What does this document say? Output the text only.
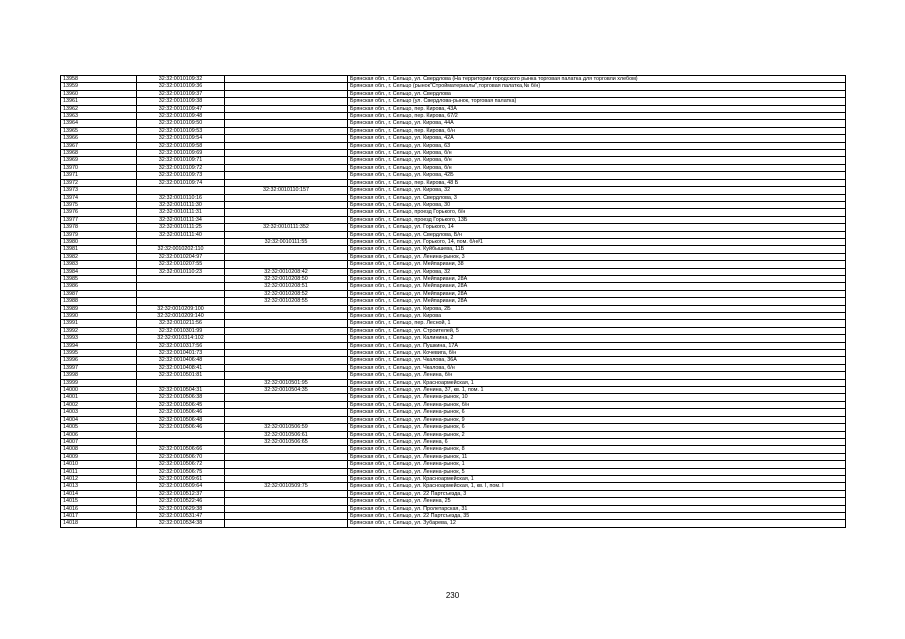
13958	32:32:0010109:32		Брянская обл., г. Сельцо, ул. Свердлова (На территории городского рынка торговая палатка для торговли хлебом)
13959	32:32:0010109:36		Брянская обл., г. Сельцо (рынок"Стройматериалы",торговая палатка,№ б/н)
13960	32:32:0010109:37		Брянская обл., г. Сельцо, ул. Свердлова
13961	32:32:0010109:38		Брянская обл., г. Сельцо (ул. Свердлова-рынок, торговая палатка)
13962	32:32:0010109:47		Брянская обл., г. Сельцо, пер. Кирова, 43А
13963	32:32:0010109:48		Брянская обл., г. Сельцо, пер. Кирова, 67/2
13964	32:32:0010109:50		Брянская обл., г. Сельцо, ул. Кирова, 44А
13965	32:32:0010109:53		Брянская обл., г. Сельцо, пер. Кирова, б/н
13966	32:32:0010109:54		Брянская обл., г. Сельцо, ул. Кирова, 42А
13967	32:32:0010109:58		Брянская обл., г. Сельцо, ул. Кирова, 63
13968	32:32:0010109:69		Брянская обл., г. Сельцо, ул. Кирова, б/н
13969	32:32:0010109:71		Брянская обл., г. Сельцо, ул. Кирова, б/н
13970	32:32:0010109:72		Брянская обл., г. Сельцо, ул. Кирова, б/н
13971	32:32:0010109:73		Брянская обл., г. Сельцо, ул. Кирова, 42Б
13972	32:32:0010109:74		Брянская обл., г. Сельцо, пер. Кирова, 48 Б
13973		32:32:0010110:157	Брянская обл., г. Сельцо, ул. Кирова, 32
13974	32:32:0010110:16		Брянская обл., г. Сельцо, ул. Свердлова, 3
13975	32:32:0010111:30		Брянская обл., г. Сельцо, ул. Кирова, 30
13976	32:32:0010111:31		Брянская обл., г. Сельцо, проезд Горького, б/н
13977	32:32:0010111:34		Брянская обл., г. Сельцо, проезд Горького, 13Б
13978	32:32:0010111:25	32:32:0010111:352	Брянская обл., г. Сельцо, ул. Горького, 14
13979	32:32:0010111:40		Брянская обл., г. Сельцо, ул. Свердлова, Б/н
13980		32:32:0010111:55	Брянская обл., г. Сельцо, ул. Горького, 14, пом. б/н#1
13981	32:32:0010202:110		Брянская обл., г. Сельцо, ул. Куйбышева, 11Б
13982	32:32:0010204:97		Брянская обл., г. Сельцо, ул. Ленина-рынок, 3
13983	32:32:0010207:55		Брянская обл., г. Сельцо, ул. Мейпариани, 38
13984	32:32:0010110:23	32:32:0010208:42	Брянская обл., г. Сельцо, ул. Кирова, 32
13985		32:32:0010208:50	Брянская обл., г. Сельцо, ул. Мейпариани, 28А
13986		32:32:0010208:51	Брянская обл., г. Сельцо, ул. Мейпариани, 28А
13987		32:32:0010208:52	Брянская обл., г. Сельцо, ул. Мейпариани, 28А
13988		32:32:0010208:55	Брянская обл., г. Сельцо, ул. Мейпариани, 28А
13989	32:32:0010209:100		Брянская обл., г. Сельцо, ул. Кирова, 2Б
13990	32:32:0010209:140		Брянская обл., г. Сельцо, ул. Кирова
13991	32:32:0010211:56		Брянская обл., г. Сельцо, пер. Лесной, 1
13992	32:32:0010301:99		Брянская обл., г. Сельцо, ул. Строителей, 5
13993	32:32:0010314:102		Брянская обл., г. Сельцо, ул. Калинина, 2
13994	32:32:0010317:56		Брянская обл., г. Сельцо, ул. Пушкина, 17А
13995	32:32:0010401:73		Брянская обл., г. Сельцо, ул. Кочевига, б/н
13996	32:32:0010406:48		Брянская обл., г. Сельцо, ул. Чкалова, 36А
13997	32:32:0010408:41		Брянская обл., г. Сельцо, ул. Чкалова, б/н
13998	32:32:0010501:81		Брянская обл., г. Сельцо, ул. Ленина, б/н
13999		32:32:0010501:95	Брянская обл., г. Сельцо, ул. Красноармейская, 1
14000	32:32:0010504:31	32:32:0010504:35	Брянская обл., г. Сельцо, ул. Ленина, 37, кв. 1, пом. 1
14001	32:32:0010506:38		Брянская обл., г. Сельцо, ул. Ленина-рынок, 10
14002	32:32:0010506:45		Брянская обл., г. Сельцо, ул. Ленина-рынок, б/н
14003	32:32:0010506:46		Брянская обл., г. Сельцо, ул. Ленина-рынок, 6
14004	32:32:0010506:48		Брянская обл., г. Сельцо, ул. Ленина-рынок, 9
14005	32:32:0010506:46	32:32:0010506:59	Брянская обл., г. Сельцо, ул. Ленина-рынок, 6
14006		32:32:0010506:61	Брянская обл., г. Сельцо, ул. Ленина-рынок, 2
14007		32:32:0010506:65	Брянская обл., г. Сельцо, ул. Ленина, 6
14008	32:32:0010506:66		Брянская обл., г. Сельцо, ул. Ленина-рынок, 8
14009	32:32:0010506:70		Брянская обл., г. Сельцо, ул. Ленина-рынок, 11
14010	32:32:0010506:72		Брянская обл., г. Сельцо, ул. Ленина-рынок, 1
14011	32:32:0010506:75		Брянская обл., г. Сельцо, ул. Ленина-рынок, 5
14012	32:32:0010509:61		Брянская обл., г. Сельцо, ул. Красноармейская, 1
14013	32:32:0010509:64	32:32:0010509:75	Брянская обл., г. Сельцо, ул. Красноармейская, 1, кв. I, пом. I
14014	32:32:0010512:37		Брянская обл., г. Сельцо, ул. 22 Партсъезда, 3
14015	32:32:0010522:46		Брянская обл., г. Сельцо, ул. Ленина, 25
14016	32:32:0010629:38		Брянская обл., г. Сельцо, ул. Пролетарская, 31
14017	32:32:0010531:47		Брянская обл., г. Сельцо, ул. 22 Партсъезда, 35
14018	32:32:0010534:38		Брянская обл., г. Сельцо, ул. Зубарева, 12
230
